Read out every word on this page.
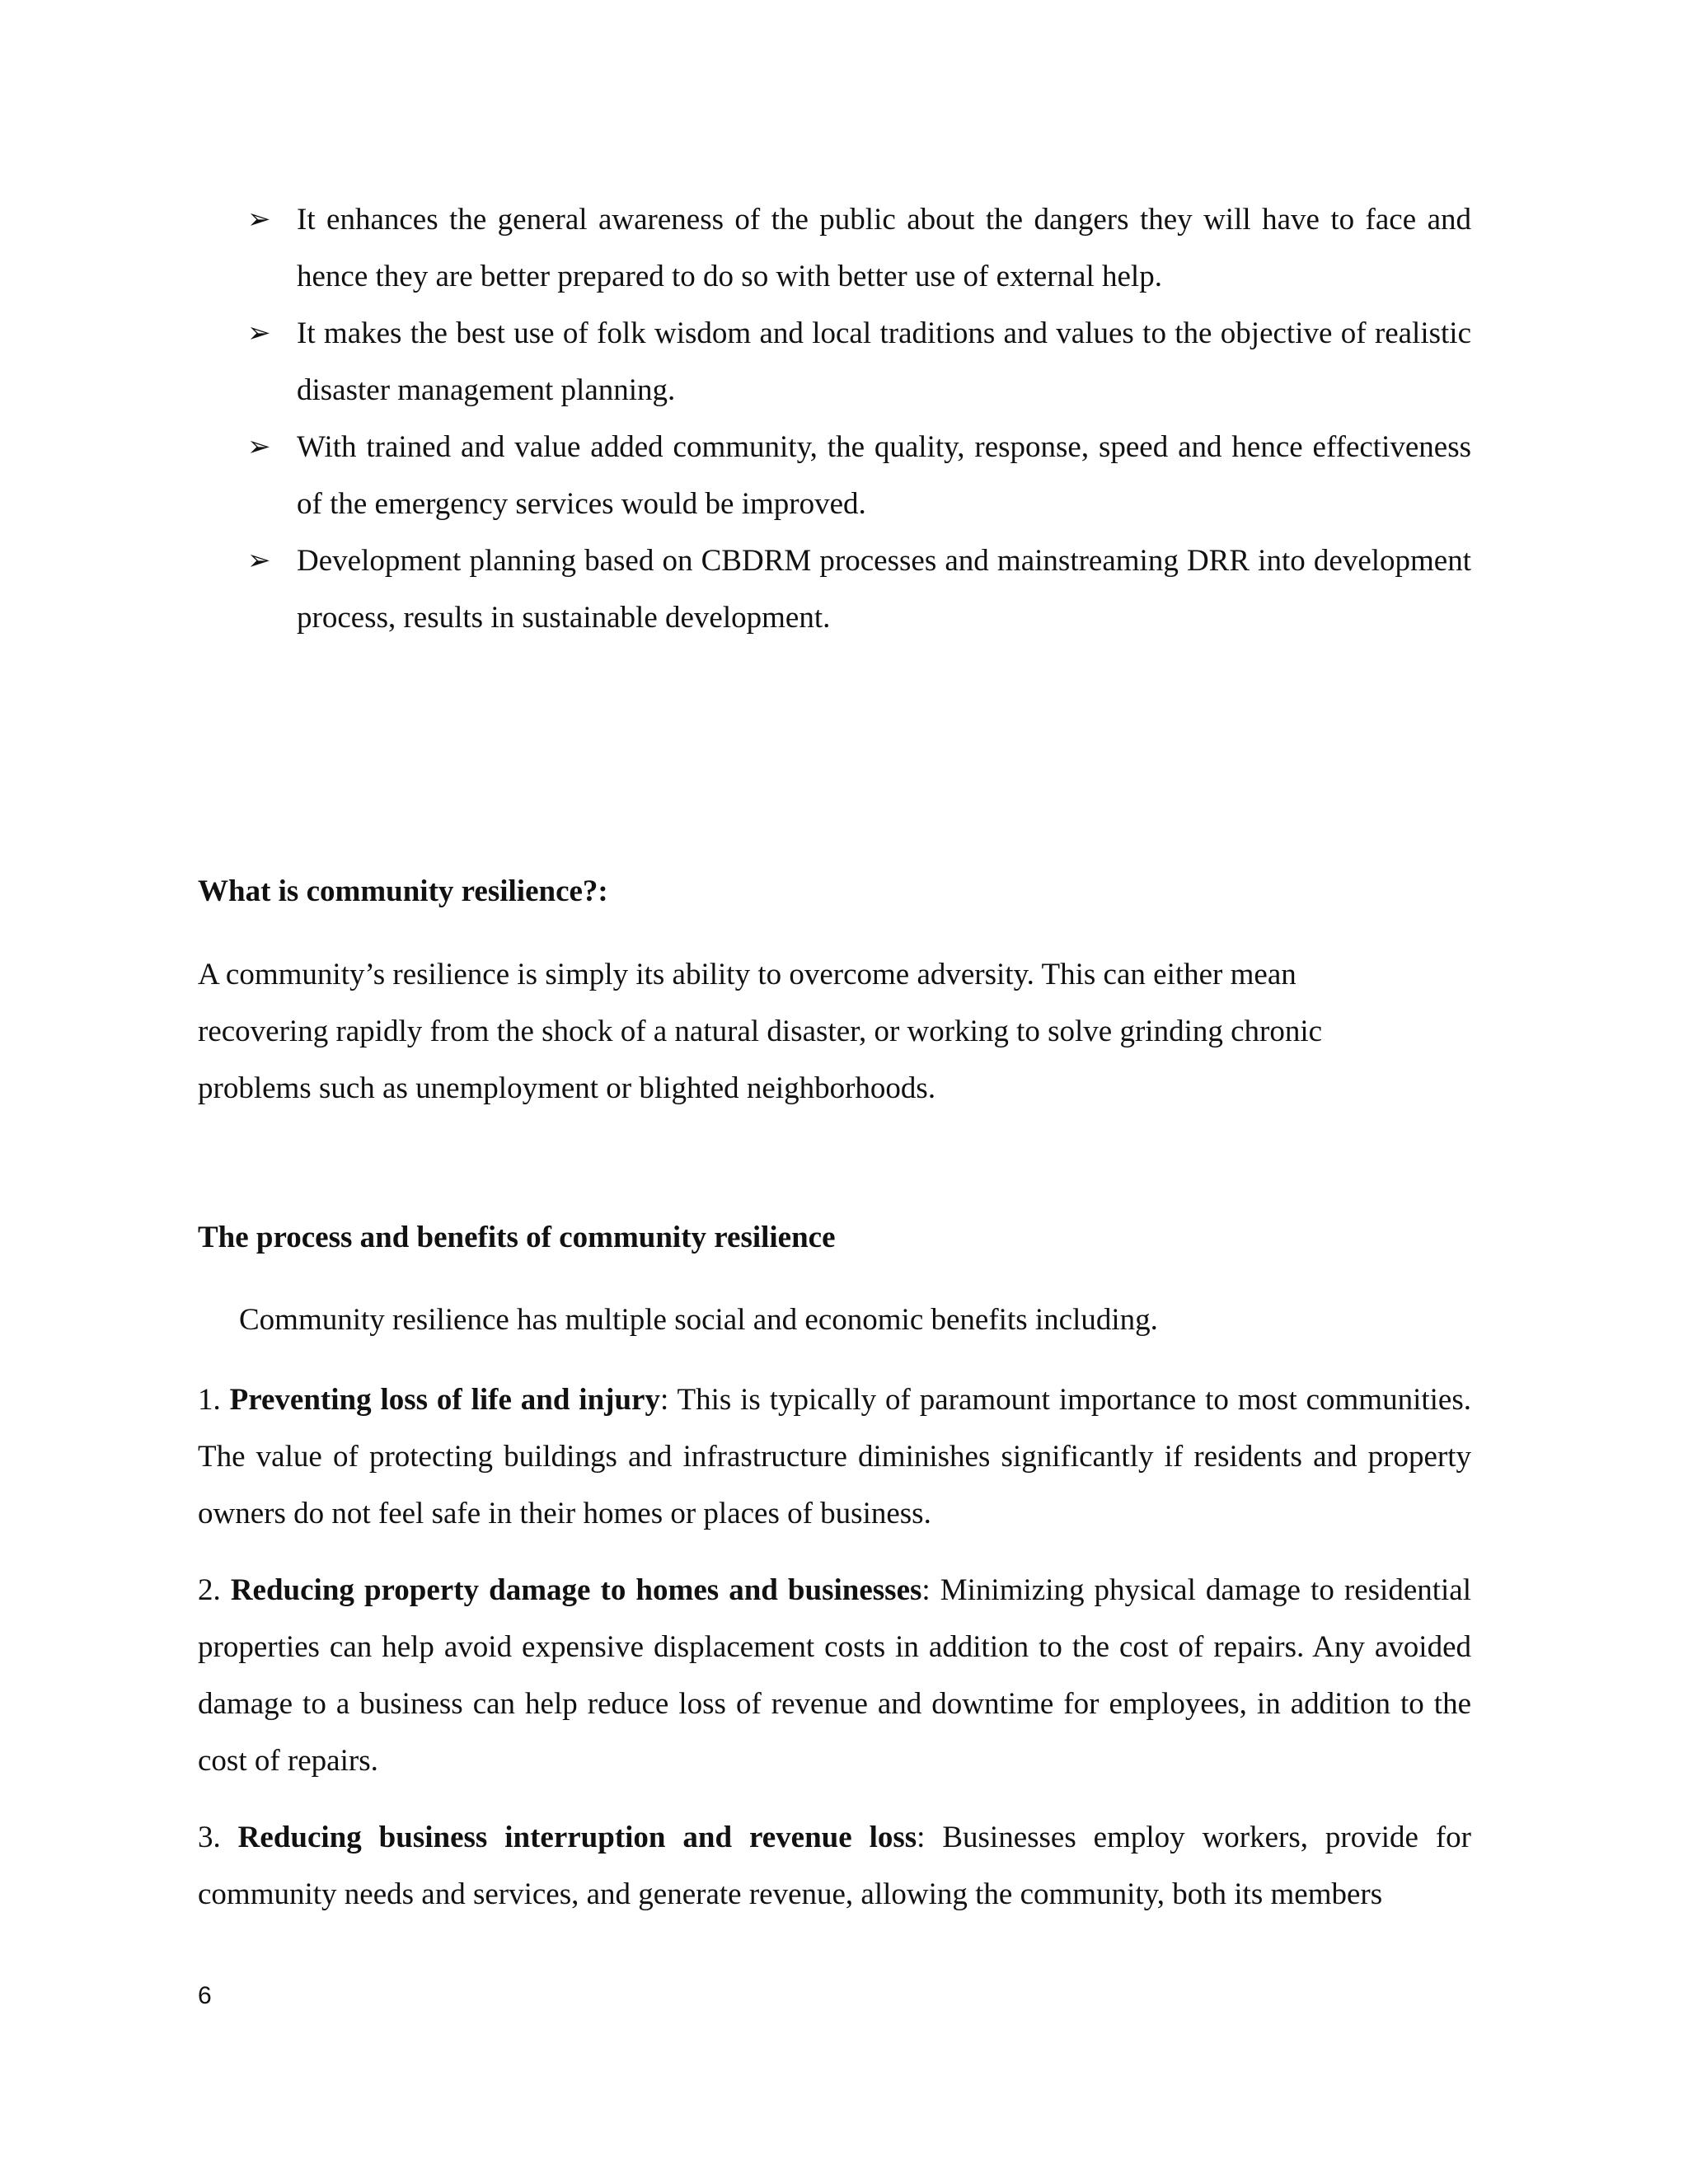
➢ It enhances the general awareness of the public about the dangers they will have to face and hence they are better prepared to do so with better use of external help.
➢ It makes the best use of folk wisdom and local traditions and values to the objective of realistic disaster management planning.
➢ With trained and value added community, the quality, response, speed and hence effectiveness of the emergency services would be improved.
➢ Development planning based on CBDRM processes and mainstreaming DRR into development process, results in sustainable development.
What is community resilience?:

A community’s resilience is simply its ability to overcome adversity. This can either mean recovering rapidly from the shock of a natural disaster, or working to solve grinding chronic problems such as unemployment or blighted neighborhoods.

The process and benefits of community resilience

Community resilience has multiple social and economic benefits including.

1. Preventing loss of life and injury: This is typically of paramount importance to most communities. The value of protecting buildings and infrastructure diminishes significantly if residents and property owners do not feel safe in their homes or places of business.

2. Reducing property damage to homes and businesses: Minimizing physical damage to residential properties can help avoid expensive displacement costs in addition to the cost of repairs. Any avoided damage to a business can help reduce loss of revenue and downtime for employees, in addition to the cost of repairs.

3. Reducing business interruption and revenue loss: Businesses employ workers, provide for community needs and services, and generate revenue, allowing the community, both its members

6
